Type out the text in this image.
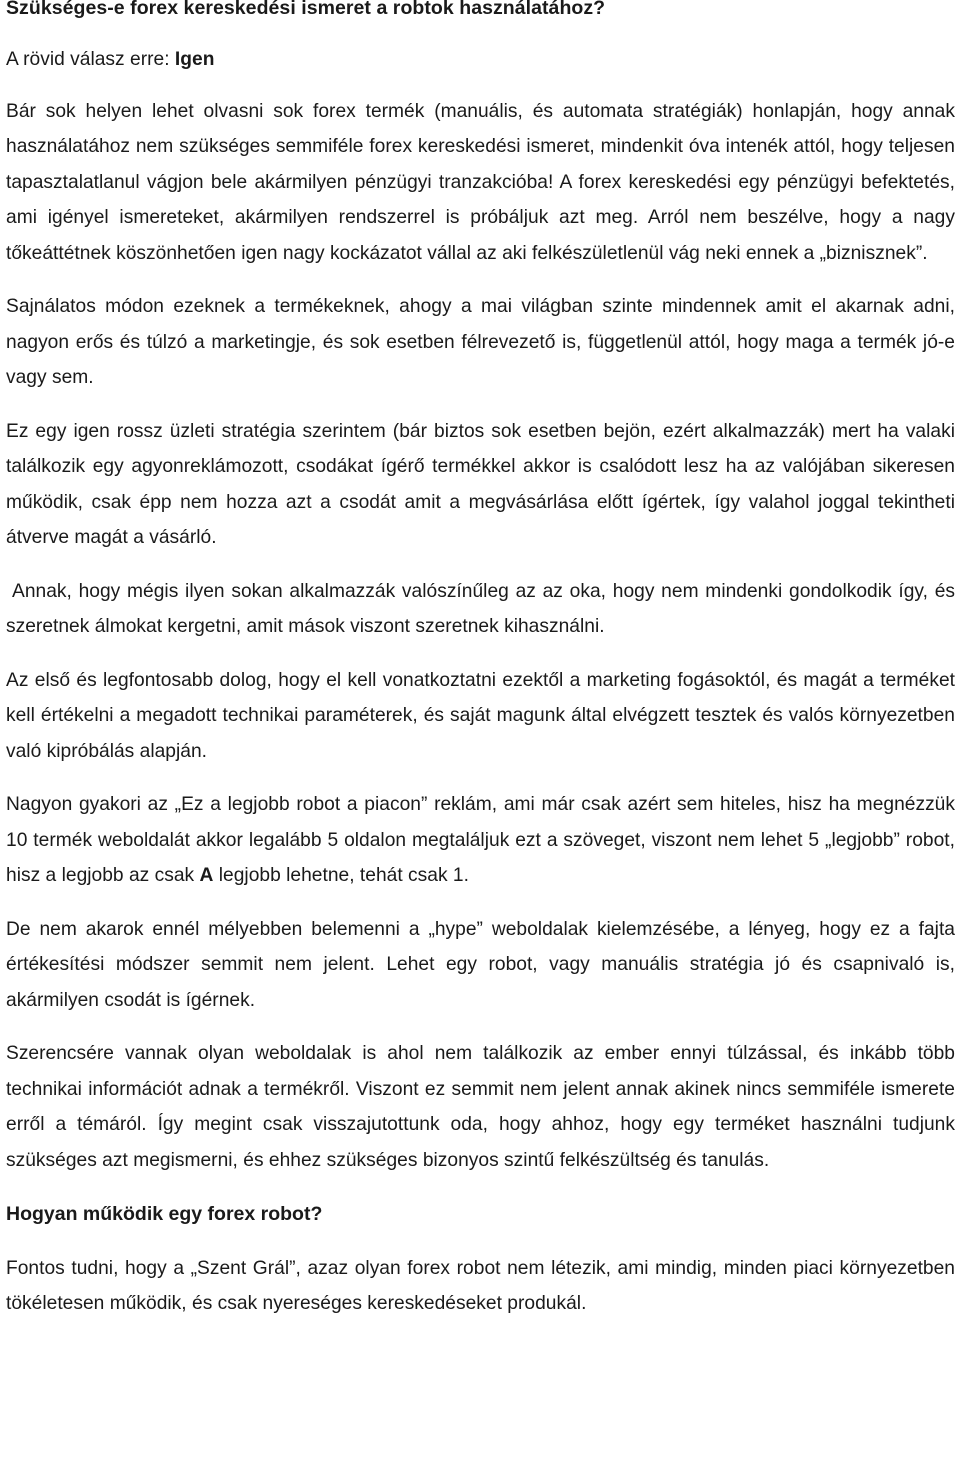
Szükséges-e forex kereskedési ismeret a robtok használatához?

A rövid válasz erre: Igen

Bár sok helyen lehet olvasni sok forex termék (manuális, és automata stratégiák) honlapján, hogy annak használatához nem szükséges semmiféle forex kereskedési ismeret, mindenkit óva intenék attól, hogy teljesen tapasztalatlanul vágjon bele akármilyen pénzügyi tranzakcióba! A forex kereskedési egy pénzügyi befektetés, ami igényel ismereteket, akármilyen rendszerrel is próbáljuk azt meg. Arról nem beszélve, hogy a nagy tőkeáttétnek köszönhetően igen nagy kockázatot vállal az aki felkészületlenül vág neki ennek a „biznisznek”.

Sajnálatos módon ezeknek a termékeknek, ahogy a mai világban szinte mindennek amit el akarnak adni, nagyon erős és túlzó a marketingje, és sok esetben félrevezető is, függetlenül attól, hogy maga a termék jó-e vagy sem.

Ez egy igen rossz üzleti stratégia szerintem (bár biztos sok esetben bejön, ezért alkalmazzák) mert ha valaki találkozik egy agyonreklámozott, csodákat ígérő termékkel akkor is csalódott lesz ha az valójában sikeresen működik, csak épp nem hozza azt a csodát amit a megvásárlása előtt ígértek, így valahol joggal tekintheti átverve magát a vásárló.

Annak, hogy mégis ilyen sokan alkalmazzák valószínűleg az az oka, hogy nem mindenki gondolkodik így, és szeretnek álmokat kergetni, amit mások viszont szeretnek kihasználni.

Az első és legfontosabb dolog, hogy el kell vonatkoztatni ezektől a marketing fogásoktól, és magát a terméket kell értékelni a megadott technikai paraméterek, és saját magunk által elvégzett tesztek és valós környezetben való kipróbálás alapján.

Nagyon gyakori az „Ez a legjobb robot a piacon” reklám, ami már csak azért sem hiteles, hisz ha megnézzük 10 termék weboldalát akkor legalább 5 oldalon megtaláljuk ezt a szöveget, viszont nem lehet 5 „legjobb” robot, hisz a legjobb az csak A legjobb lehetne, tehát csak 1.

De nem akarok ennél mélyebben belemenni a „hype” weboldalak kielemzésébe, a lényeg, hogy ez a fajta értékesítési módszer semmit nem jelent. Lehet egy robot, vagy manuális stratégia jó és csapnivaló is, akármilyen csodát is ígérnek.

Szerencsére vannak olyan weboldalak is ahol nem találkozik az ember ennyi túlzással, és inkább több technikai információt adnak a termékről. Viszont ez semmit nem jelent annak akinek nincs semmiféle ismerete erről a témáról. Így megint csak visszajutottunk oda, hogy ahhoz, hogy egy terméket használni tudjunk szükséges azt megismerni, és ehhez szükséges bizonyos szintű felkészültség és tanulás.

Hogyan működik egy forex robot?

Fontos tudni, hogy a „Szent Grál”, azaz olyan forex robot nem létezik, ami mindig, minden piaci környezetben tökéletesen működik, és csak nyereséges kereskedéseket produkál.
